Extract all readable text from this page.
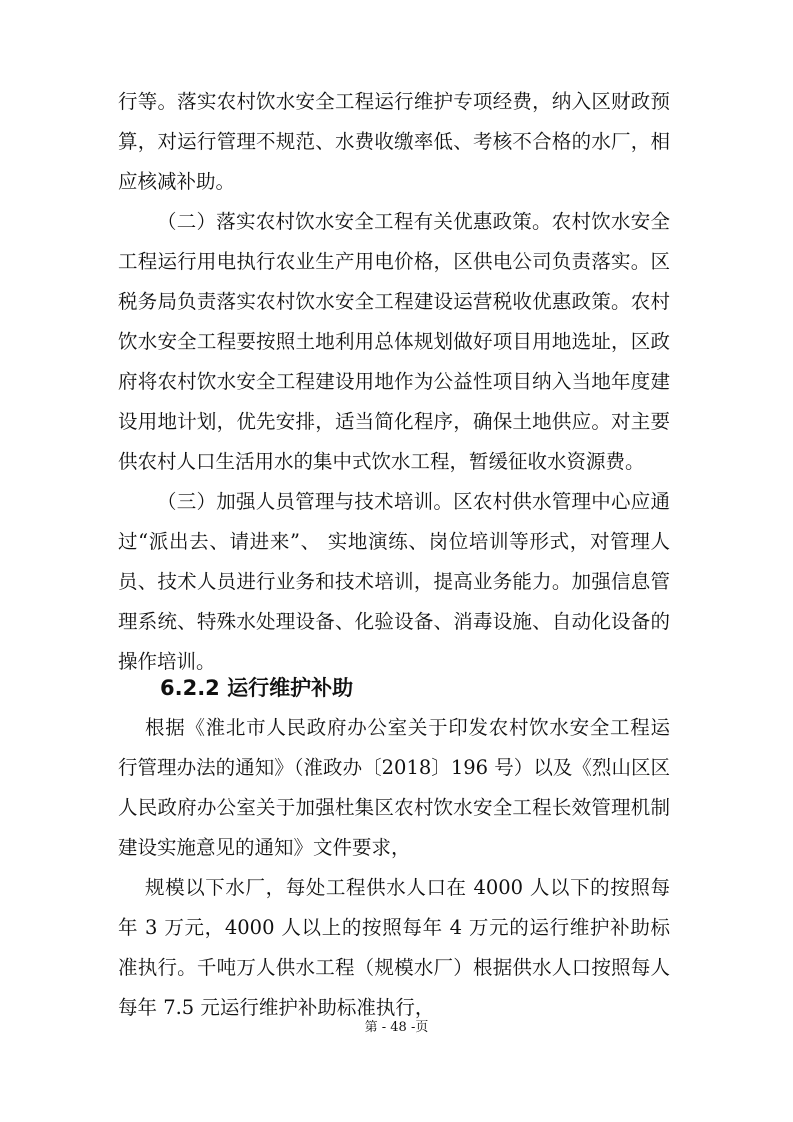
行等。落实农村饮水安全工程运行维护专项经费，纳入区财政预算，对运行管理不规范、水费收缴率低、考核不合格的水厂，相应核减补助。

（二）落实农村饮水安全工程有关优惠政策。农村饮水安全工程运行用电执行农业生产用电价格，区供电公司负责落实。区税务局负责落实农村饮水安全工程建设运营税收优惠政策。农村饮水安全工程要按照土地利用总体规划做好项目用地选址，区政府将农村饮水安全工程建设用地作为公益性项目纳入当地年度建设用地计划，优先安排，适当简化程序，确保土地供应。对主要供农村人口生活用水的集中式饮水工程，暂缓征收水资源费。

（三）加强人员管理与技术培训。区农村供水管理中心应通过“派出去、请进来”、 实地演练、岗位培训等形式，对管理人员、技术人员进行业务和技术培训，提高业务能力。加强信息管理系统、特殊水处理设备、化验设备、消毒设施、自动化设备的操作培训。

6.2.2 运行维护补助

根据《淮北市人民政府办公室关于印发农村饮水安全工程运行管理办法的通知》（淮政办〔2018〕196 号）以及《烈山区区人民政府办公室关于加强杜集区农村饮水安全工程长效管理机制建设实施意见的通知》文件要求，

规模以下水厂，每处工程供水人口在 4000 人以下的按照每年 3 万元，4000 人以上的按照每年 4 万元的运行维护补助标准执行。千吨万人供水工程（规模水厂）根据供水人口按照每人每年 7.5 元运行维护补助标准执行，

第 - 48 -页
